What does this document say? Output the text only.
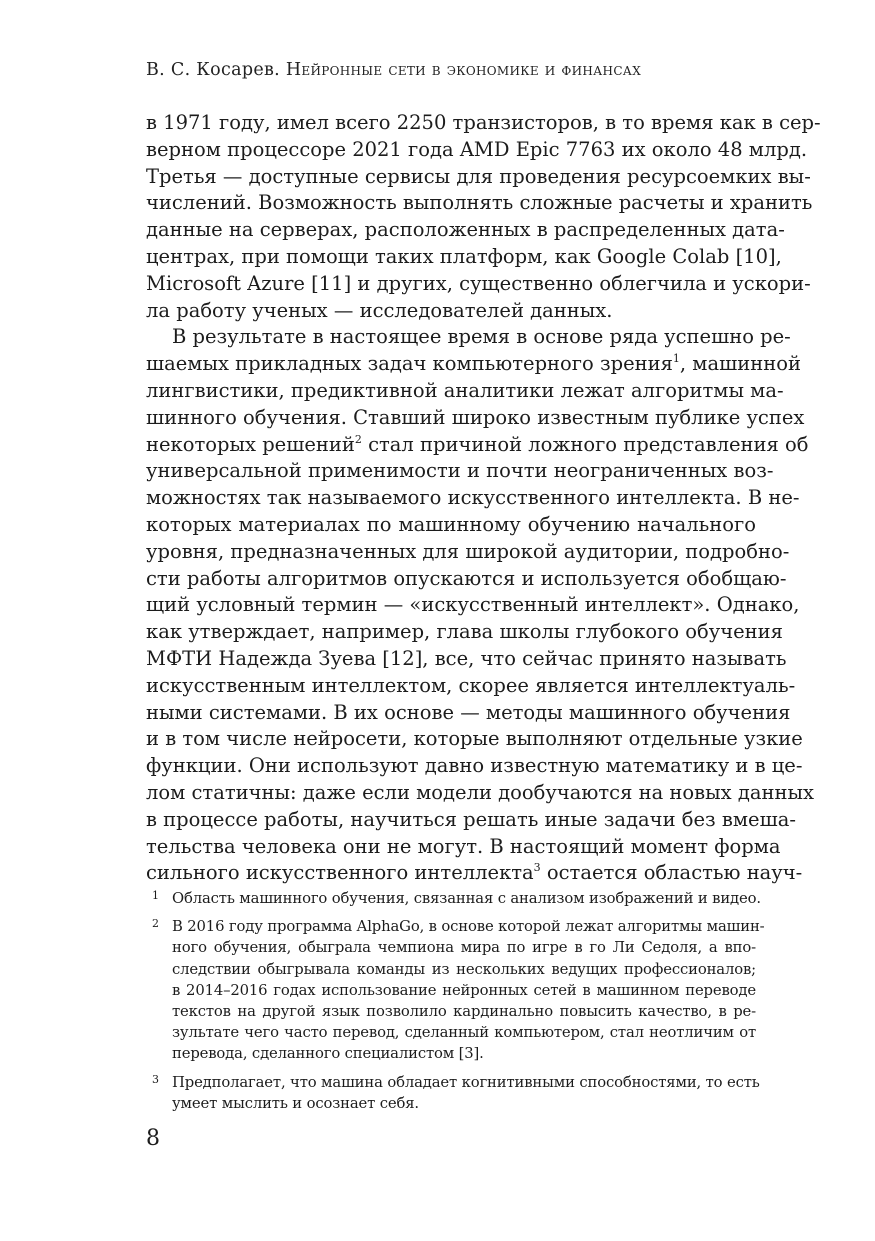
В. С. Косарев. Нейронные сети в экономике и финансах
в 1971 году, имел всего 2250 транзисторов, в то время как в сер-
верном процессоре 2021 года AMD Epic 7763 их около 48 млрд.
Третья — доступные сервисы для проведения ресурсоемких вы-
числений. Возможность выполнять сложные расчеты и хранить
данные на серверах, расположенных в распределенных дата-
центрах, при помощи таких платформ, как Google Colab [10],
Microsoft Azure [11] и других, существенно облегчила и ускори-
ла работу ученых — исследователей данных.
В результате в настоящее время в основе ряда успешно ре-
шаемых прикладных задач компьютерного зрения$^1$, машинной
лингвистики, предиктивной аналитики лежат алгоритмы ма-
шинного обучения. Ставший широко известным публике успех
некоторых решений$^2$ стал причиной ложного представления об
универсальной применимости и почти неограниченных воз-
можностях так называемого искусственного интеллекта. В не-
которых материалах по машинному обучению начального
уровня, предназначенных для широкой аудитории, подробно-
сти работы алгоритмов опускаются и используется обобщаю-
щий условный термин — «искусственный интеллект». Однако,
как утверждает, например, глава школы глубокого обучения
МФТИ Надежда Зуева [12], все, что сейчас принято называть
искусственным интеллектом, скорее является интеллектуаль-
ными системами. В их основе — методы машинного обучения
и в том числе нейросети, которые выполняют отдельные узкие
функции. Они используют давно известную математику и в це-
лом статичны: даже если модели дообучаются на новых данных
в процессе работы, научиться решать иные задачи без вмеша-
тельства человека они не могут. В настоящий момент форма
сильного искусственного интеллекта$^3$ остается областью науч-
1 Область машинного обучения, связанная с анализом изображений и видео.
2 В 2016 году программа AlphaGo, в основе которой лежат алгоритмы машин-
ного обучения, обыграла чемпиона мира по игре в го Ли Седоля, а впо-
следствии обыгрывала команды из нескольких ведущих профессионалов;
в 2014–2016 годах использование нейронных сетей в машинном переводе
текстов на другой язык позволило кардинально повысить качество, в ре-
зультате чего часто перевод, сделанный компьютером, стал неотличим от
перевода, сделанного специалистом [3].
3 Предполагает, что машина обладает когнитивными способностями, то есть
умеет мыслить и осознает себя.
8
